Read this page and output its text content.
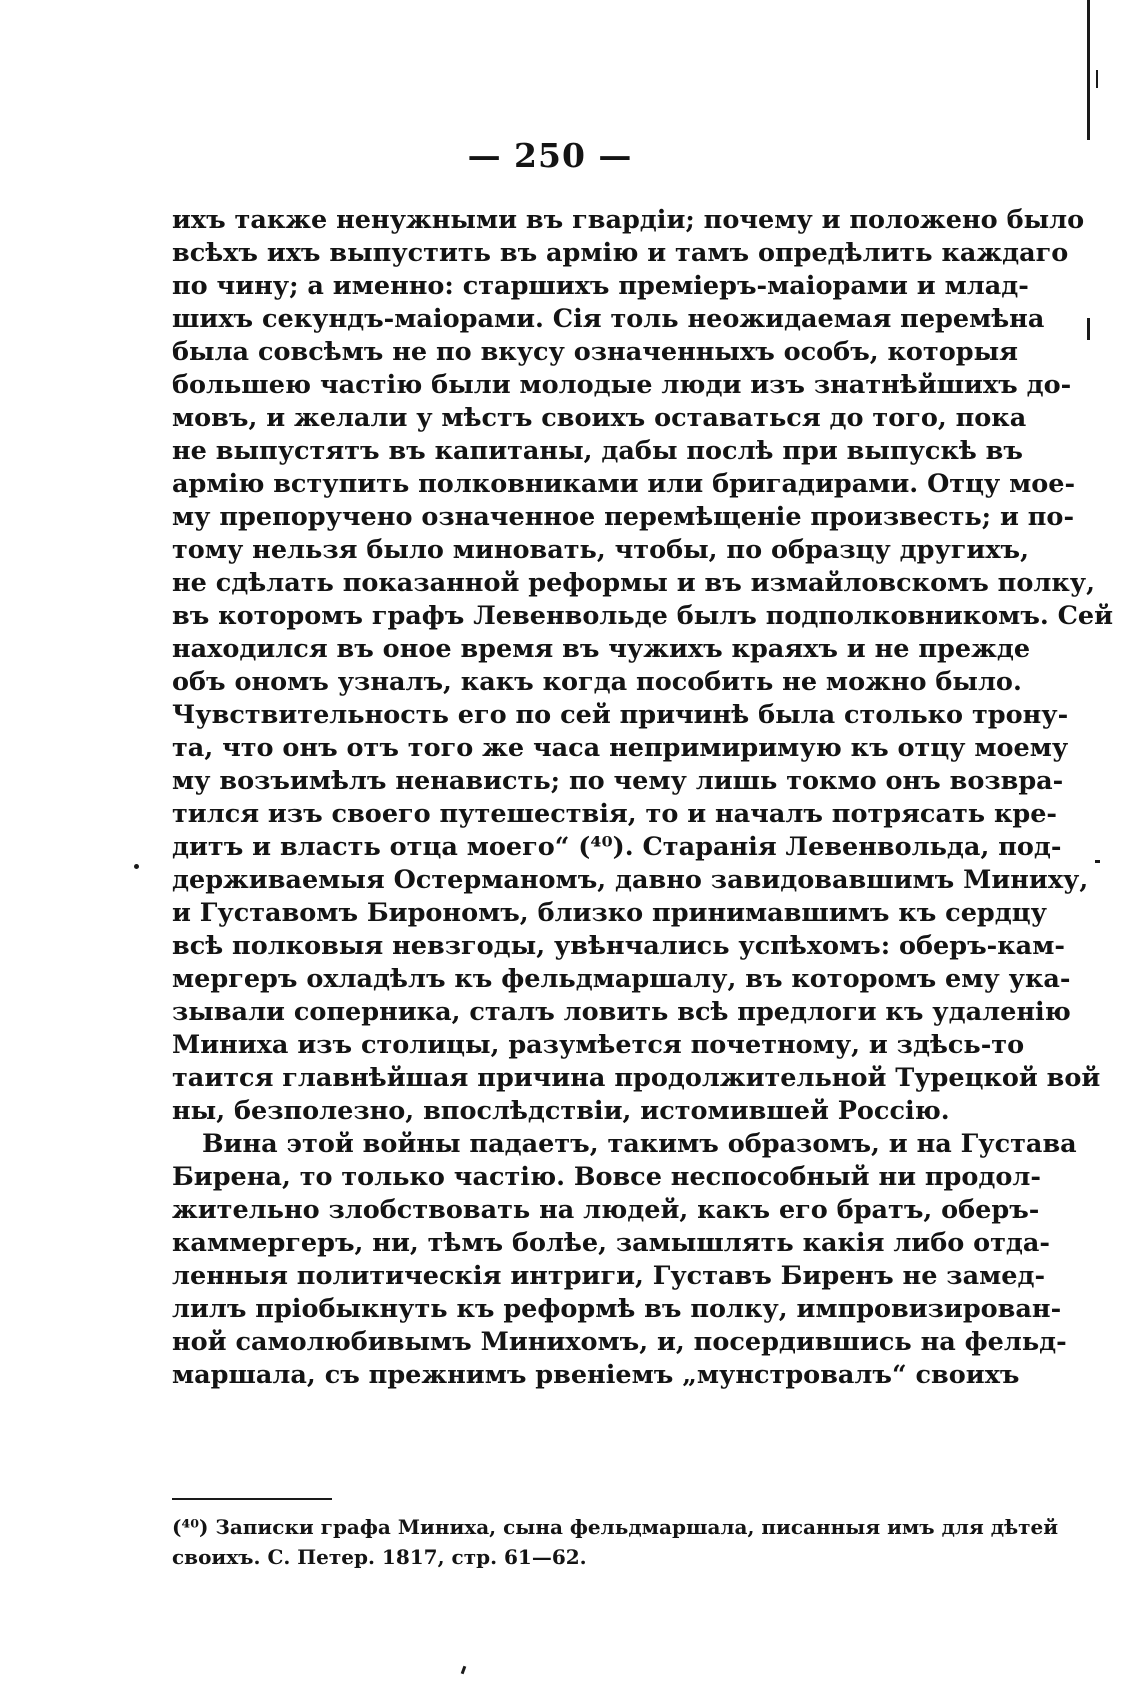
— 250 —
ихъ также ненужными въ гвардіи; почему и положено было
всѣхъ ихъ выпустить въ армію и тамъ опредѣлить каждаго
по чину; а именно: старшихъ преміеръ-маіорами и млад-
шихъ секундъ-маіорами. Сія толь неожидаемая перемѣна
была совсѣмъ не по вкусу означенныхъ особъ, которыя
большею частію были молодые люди изъ знатнѣйшихъ до-
мовъ, и желали у мѣстъ своихъ оставаться до того, пока
не выпустятъ въ капитаны, дабы послѣ при выпускѣ въ
армію вступить полковниками или бригадирами. Отцу мое-
му препоручено означенное перемѣщеніе произвесть; и по-
тому нельзя было миновать, чтобы, по образцу другихъ,
не сдѣлать показанной реформы и въ измайловскомъ полку,
въ которомъ графъ Левенвольде былъ подполковникомъ. Сей
находился въ оное время въ чужихъ краяхъ и не прежде
объ ономъ узналъ, какъ когда пособить не можно было.
Чувствительность его по сей причинѣ была столько трону-
та, что онъ отъ того же часа непримиримую къ отцу моему
му возъимѣлъ ненависть; по чему лишь токмо онъ возвра-
тился изъ своего путешествія, то и началъ потрясать кре-
дитъ и власть отца моего“ (⁴⁰). Старанія Левенвольда, под-
держиваемыя Остерманомъ, давно завидовавшимъ Миниху,
и Густавомъ Бирономъ, близко принимавшимъ къ сердцу
всѣ полковыя невзгоды, увѣнчались успѣхомъ: оберъ-кам-
мергеръ охладѣлъ къ фельдмаршалу, въ которомъ ему ука-
зывали соперника, сталъ ловить всѣ предлоги къ удаленію
Миниха изъ столицы, разумѣется почетному, и здѣсь-то
таится главнѣйшая причина продолжительной Турецкой вой
ны, безполезно, впослѣдствіи, истомившей Россію.
Вина этой войны падаетъ, такимъ образомъ, и на Густава
Бирена, то только частію. Вовсе неспособный ни продол-
жительно злобствовать на людей, какъ его братъ, оберъ-
каммергеръ, ни, тѣмъ болѣе, замышлять какія либо отда-
ленныя политическія интриги, Густавъ Биренъ не замед-
лилъ пріобыкнуть къ реформѣ въ полку, импровизирован-
ной самолюбивымъ Минихомъ, и, посердившись на фельд-
маршала, съ прежнимъ рвеніемъ „мунстровалъ“ своихъ
(⁴⁰) Записки графа Миниха, сына фельдмаршала, писанныя имъ для дѣтей
своихъ. С. Петер. 1817, стр. 61—62.
